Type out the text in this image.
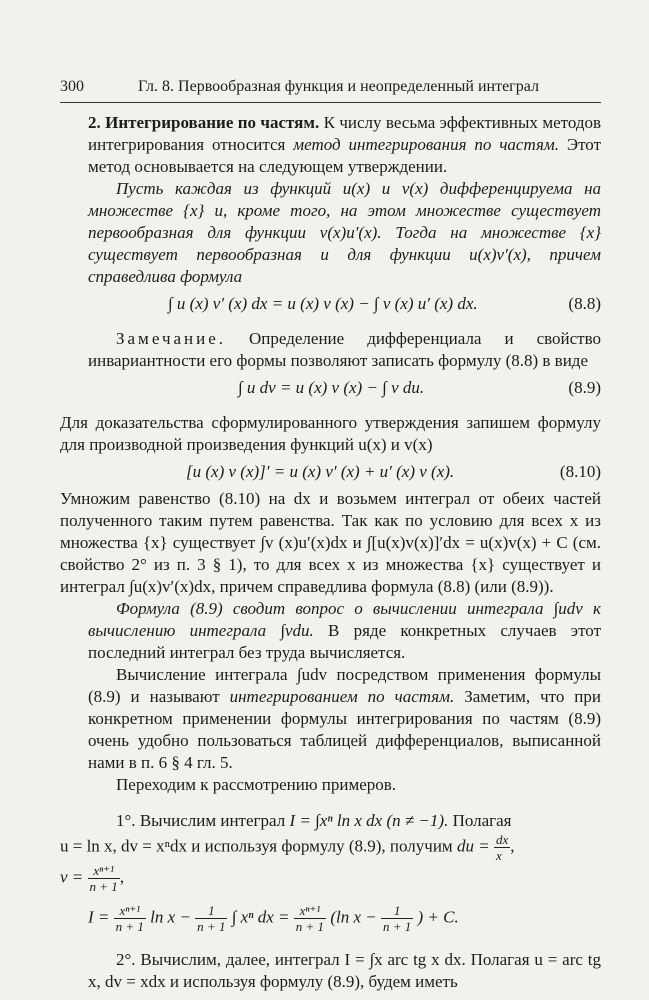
300	Гл. 8. Первообразная функция и неопределенный интеграл

2. Интегрирование по частям. К числу весьма эффективных методов интегрирования относится метод интегрирования по частям. Этот метод основывается на следующем утверждении.

Пусть каждая из функций u(x) и v(x) дифференцируема на множестве {x} и, кроме того, на этом множестве существует первообразная для функции v(x)u′(x). Тогда на множестве {x} существует первообразная и для функции u(x)v′(x), причем справедлива формула

∫ u (x) v′ (x) dx = u (x) v (x) − ∫ v (x) u′ (x) dx.	(8.8)

Замечание. Определение дифференциала и свойство инвариантности его формы позволяют записать формулу (8.8) в виде

∫ u dv = u (x) v (x) − ∫ v du.	(8.9)

Для доказательства сформулированного утверждения запишем формулу для производной произведения функций u(x) и v(x)

[u (x) v (x)]′ = u (x) v′ (x) + u′ (x) v (x).	(8.10)

Умножим равенство (8.10) на dx и возьмем интеграл от обеих частей полученного таким путем равенства. Так как по условию для всех x из множества {x} существует ∫v (x)u′(x)dx и ∫[u(x)v(x)]′dx = u(x)v(x) + C (см. свойство 2° из п. 3 § 1), то для всех x из множества {x} существует и интеграл ∫u(x)v′(x)dx, причем справедлива формула (8.8) (или (8.9)).

Формула (8.9) сводит вопрос о вычислении интеграла ∫udv к вычислению интеграла ∫vdu. В ряде конкретных случаев этот последний интеграл без труда вычисляется.

Вычисление интеграла ∫udv посредством применения формулы (8.9) и называют интегрированием по частям. Заметим, что при конкретном применении формулы интегрирования по частям (8.9) очень удобно пользоваться таблицей дифференциалов, выписанной нами в п. 6 § 4 гл. 5.

Переходим к рассмотрению примеров.

1°. Вычислим интеграл I = ∫xⁿ ln x dx (n ≠ −1). Полагая

u = ln x, dv = xⁿdx и используя формулу (8.9), получим du = $\frac{dx}{x}$ ,

$v = \frac{\text{xⁿ⁺¹}}{n + 1}$ ,

$I = \frac{\text{xⁿ⁺¹}}{n + 1}$ $\ln x - \frac{1}{n + 1}$ ∫ xⁿ dx = $\frac{\text{xⁿ⁺¹}}{n + 1} (\ln$ $x - \frac{1}{n + 1}$ ) + C.

2°. Вычислим, далее, интеграл I = ∫x arc tg x dx. Полагая u = arc tg x, dv = xdx и используя формулу (8.9), будем иметь
